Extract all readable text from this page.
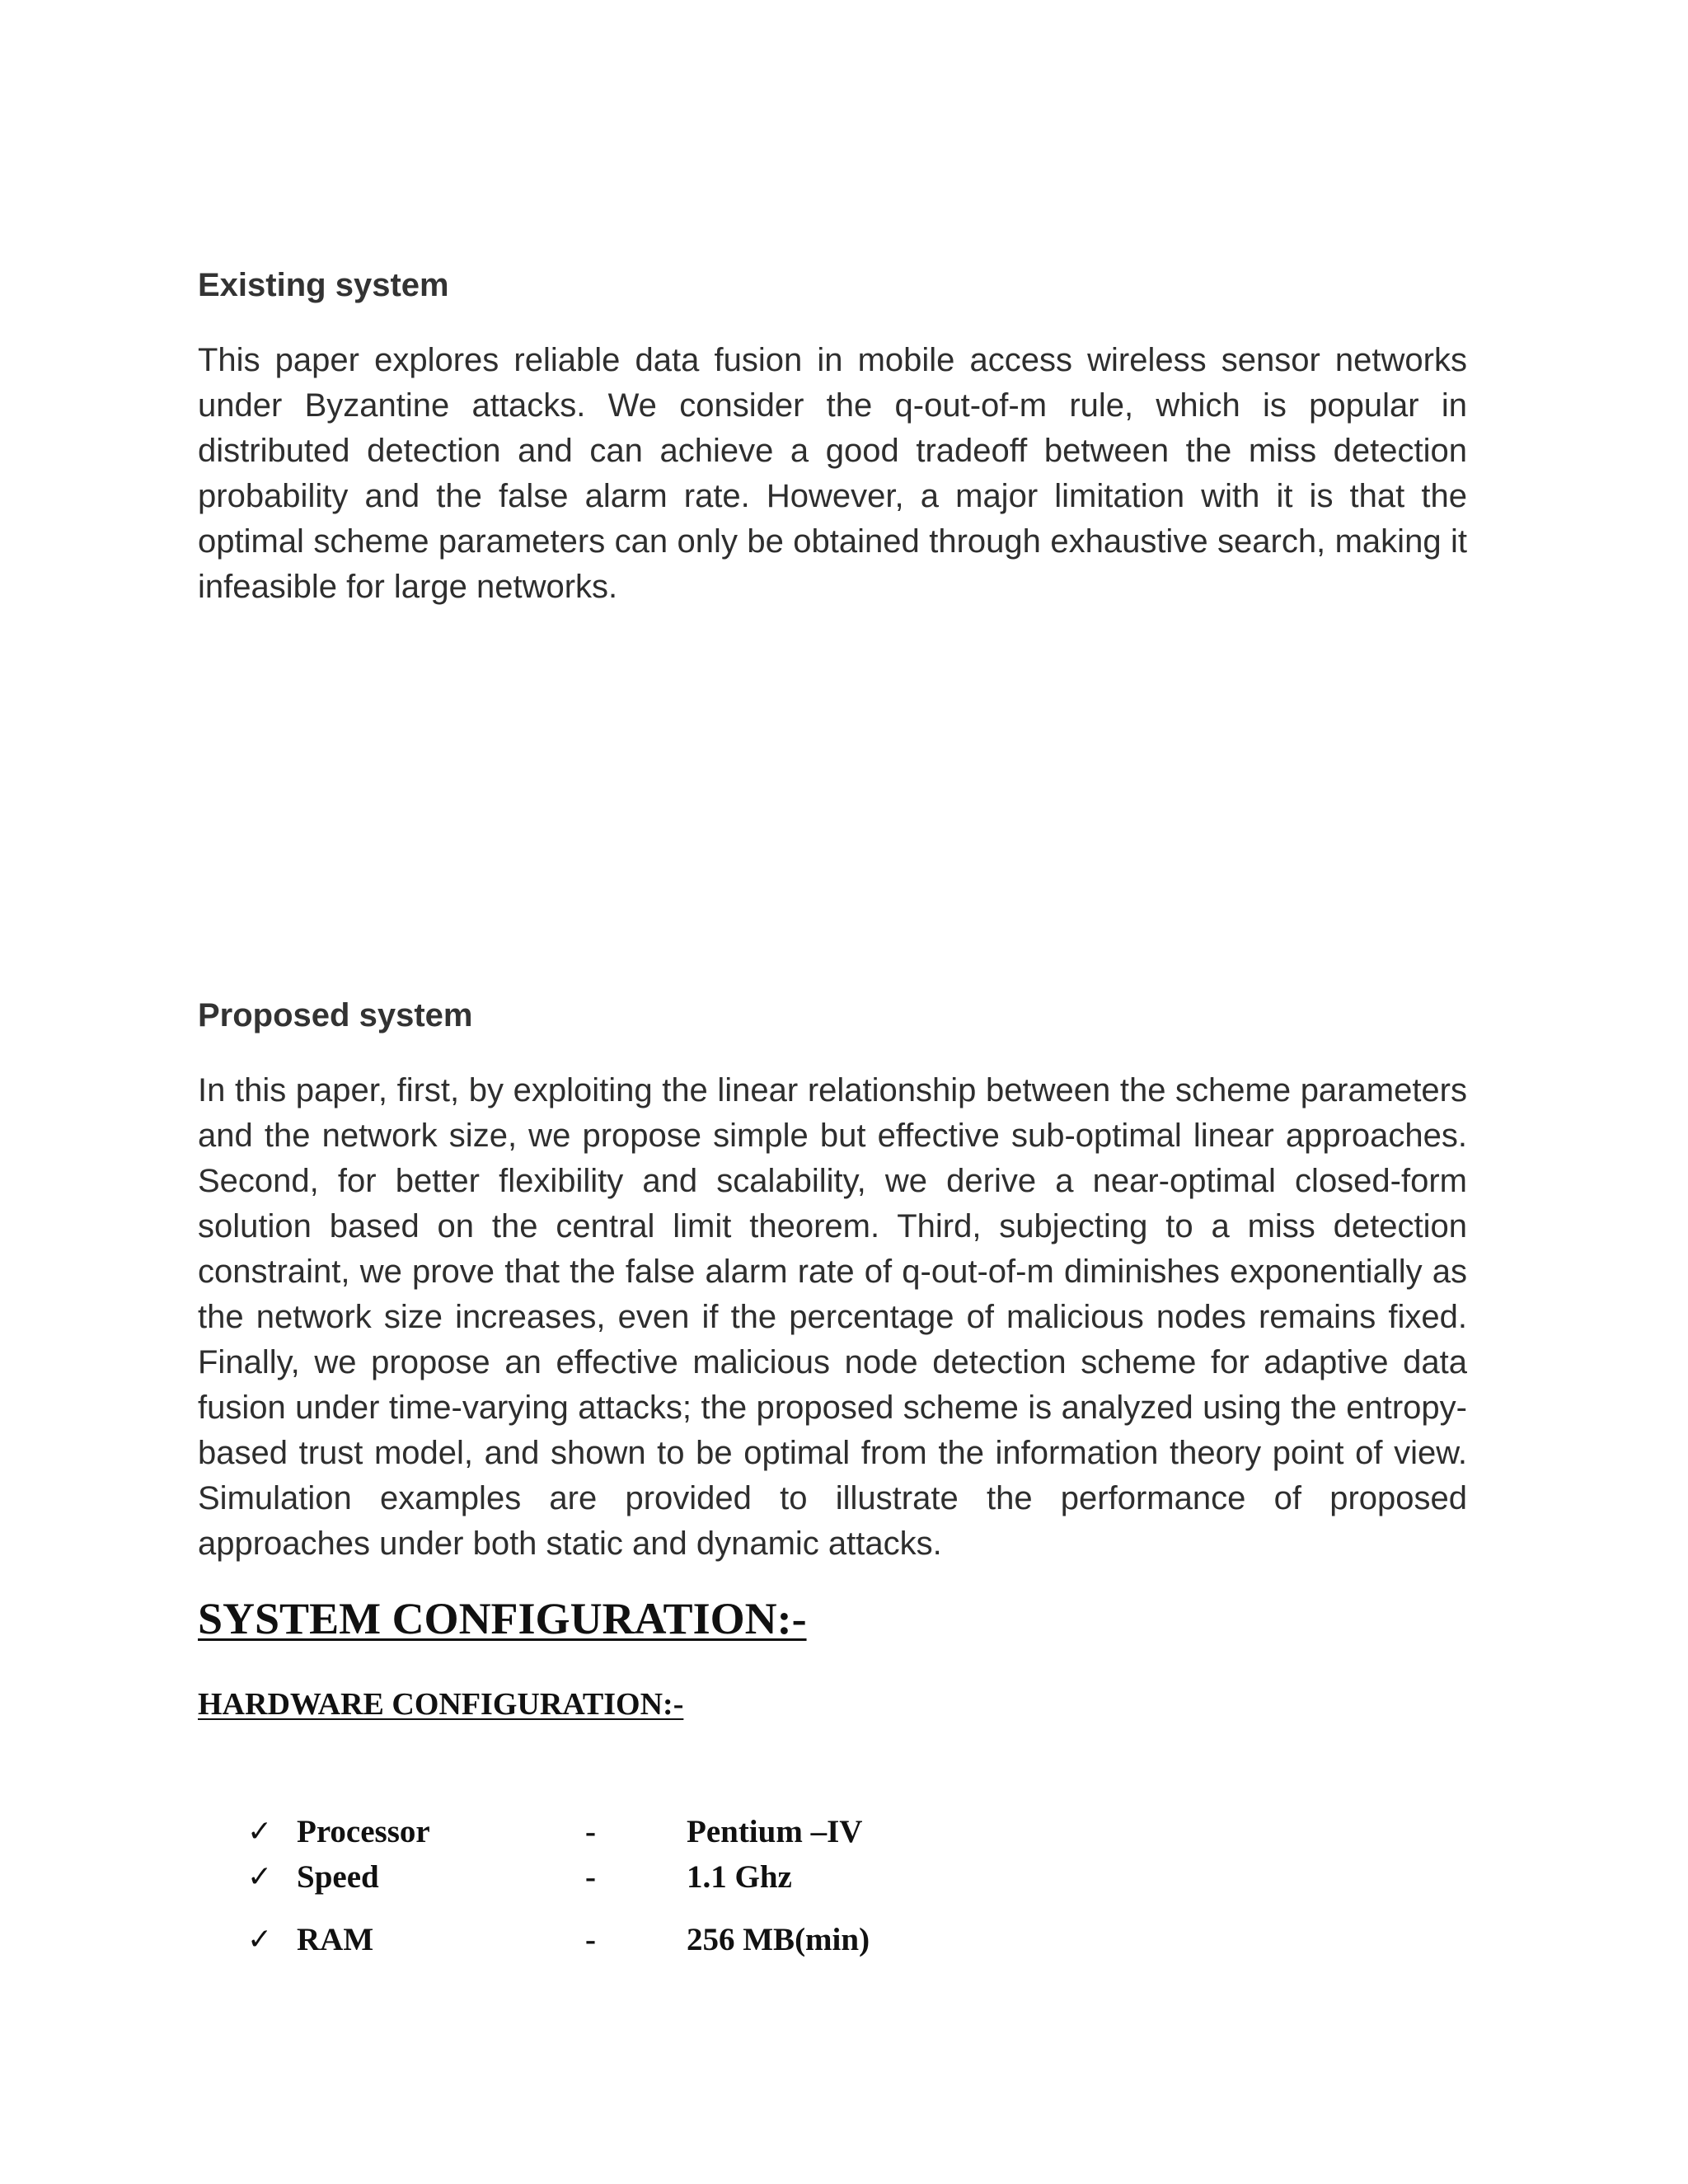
Existing system

This paper explores reliable data fusion in mobile access wireless sensor networks under Byzantine attacks. We consider the q-out-of-m rule, which is popular in distributed detection and can achieve a good tradeoff between the miss detection probability and the false alarm rate. However, a major limitation with it is that the optimal scheme parameters can only be obtained through exhaustive search, making it infeasible for large networks.

Proposed system

In this paper, first, by exploiting the linear relationship between the scheme parameters and the network size, we propose simple but effective sub-optimal linear approaches. Second, for better flexibility and scalability, we derive a near-optimal closed-form solution based on the central limit theorem. Third, subjecting to a miss detection constraint, we prove that the false alarm rate of q-out-of-m diminishes exponentially as the network size increases, even if the percentage of malicious nodes remains fixed. Finally, we propose an effective malicious node detection scheme for adaptive data fusion under time-varying attacks; the proposed scheme is analyzed using the entropy-based trust model, and shown to be optimal from the information theory point of view. Simulation examples are provided to illustrate the performance of proposed approaches under both static and dynamic attacks.

SYSTEM CONFIGURATION:-
HARDWARE CONFIGURATION:-
✓ Processor	-	Pentium –IV
✓ Speed	-	1.1 Ghz
✓ RAM	-	256 MB(min)
